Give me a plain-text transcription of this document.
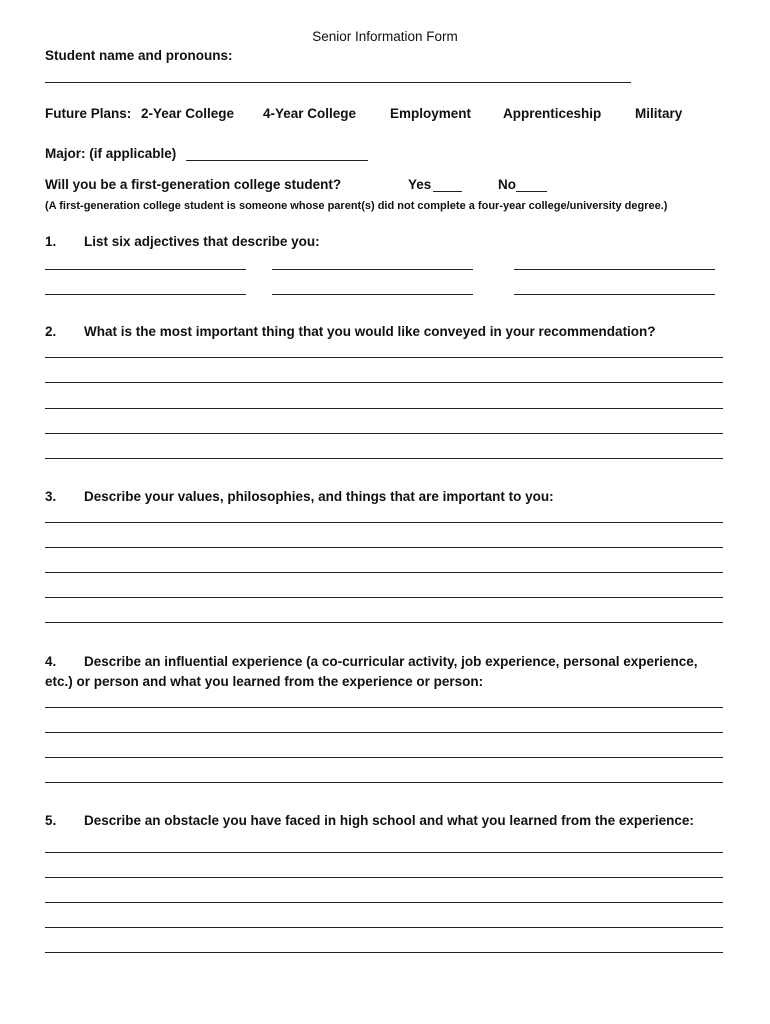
Senior Information Form
Student name and pronouns:
Future Plans: 2-Year College 4-Year College	Employment Apprenticeship Military
Major: (if applicable)
Will you be a first-generation college student?	Yes	No
(A first-generation college student is someone whose parent(s) did not complete a four-year college/university degree.)
1. List six adjectives that describe you:
2. What is the most important thing that you would like conveyed in your recommendation?
3. Describe your values, philosophies, and things that are important to you:
4. Describe an influential experience (a co-curricular activity, job experience, personal experience,
etc.) or person and what you learned from the experience or person:
5. Describe an obstacle you have faced in high school and what you learned from the experience:
